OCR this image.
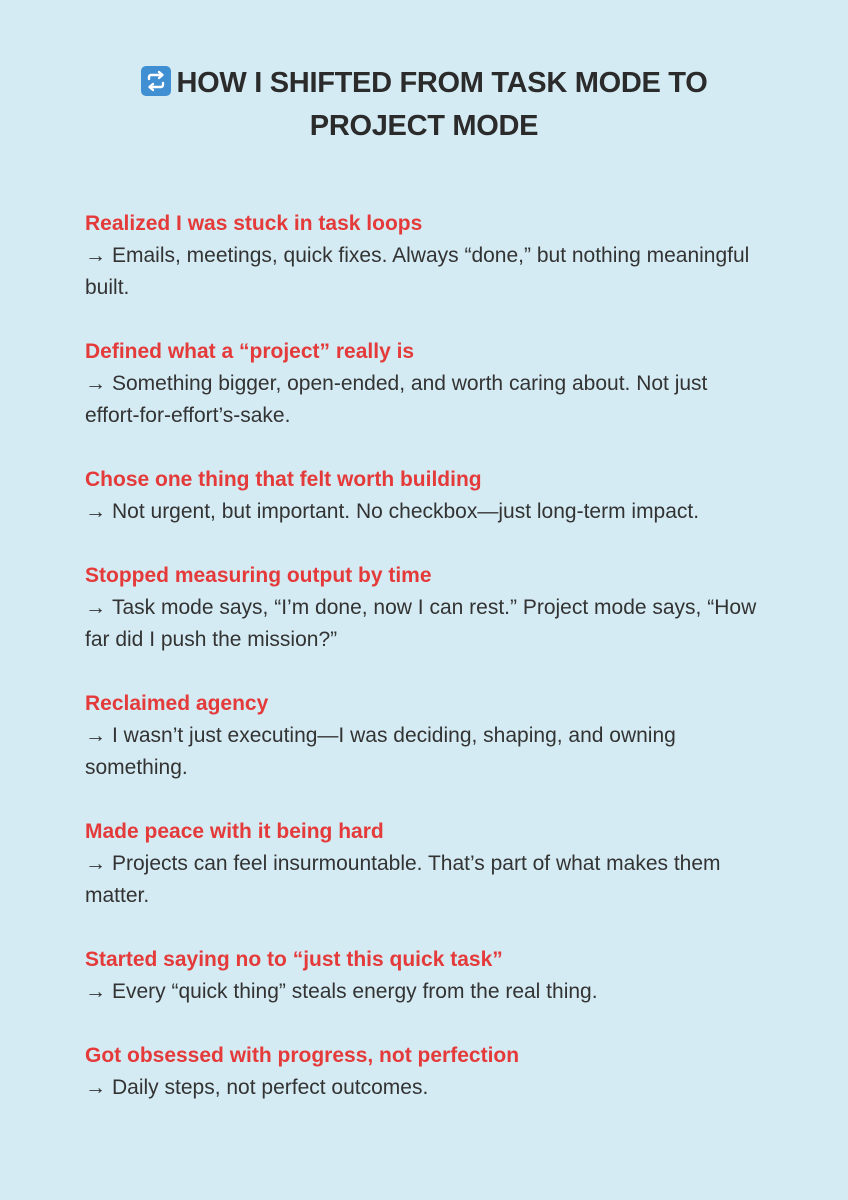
HOW I SHIFTED FROM TASK MODE TO PROJECT MODE

Realized I was stuck in task loops

→ Emails, meetings, quick fixes. Always “done,” but nothing meaningful built.

Defined what a “project” really is

→ Something bigger, open-ended, and worth caring about. Not just effort-for-effort’s-sake.

Chose one thing that felt worth building

→ Not urgent, but important. No checkbox—just long-term impact.

Stopped measuring output by time

→ Task mode says, “I’m done, now I can rest.” Project mode says, “How far did I push the mission?”

Reclaimed agency

→ I wasn’t just executing—I was deciding, shaping, and owning something.

Made peace with it being hard

→ Projects can feel insurmountable. That’s part of what makes them matter.

Started saying no to “just this quick task”

→ Every “quick thing” steals energy from the real thing.

Got obsessed with progress, not perfection

→ Daily steps, not perfect outcomes.
